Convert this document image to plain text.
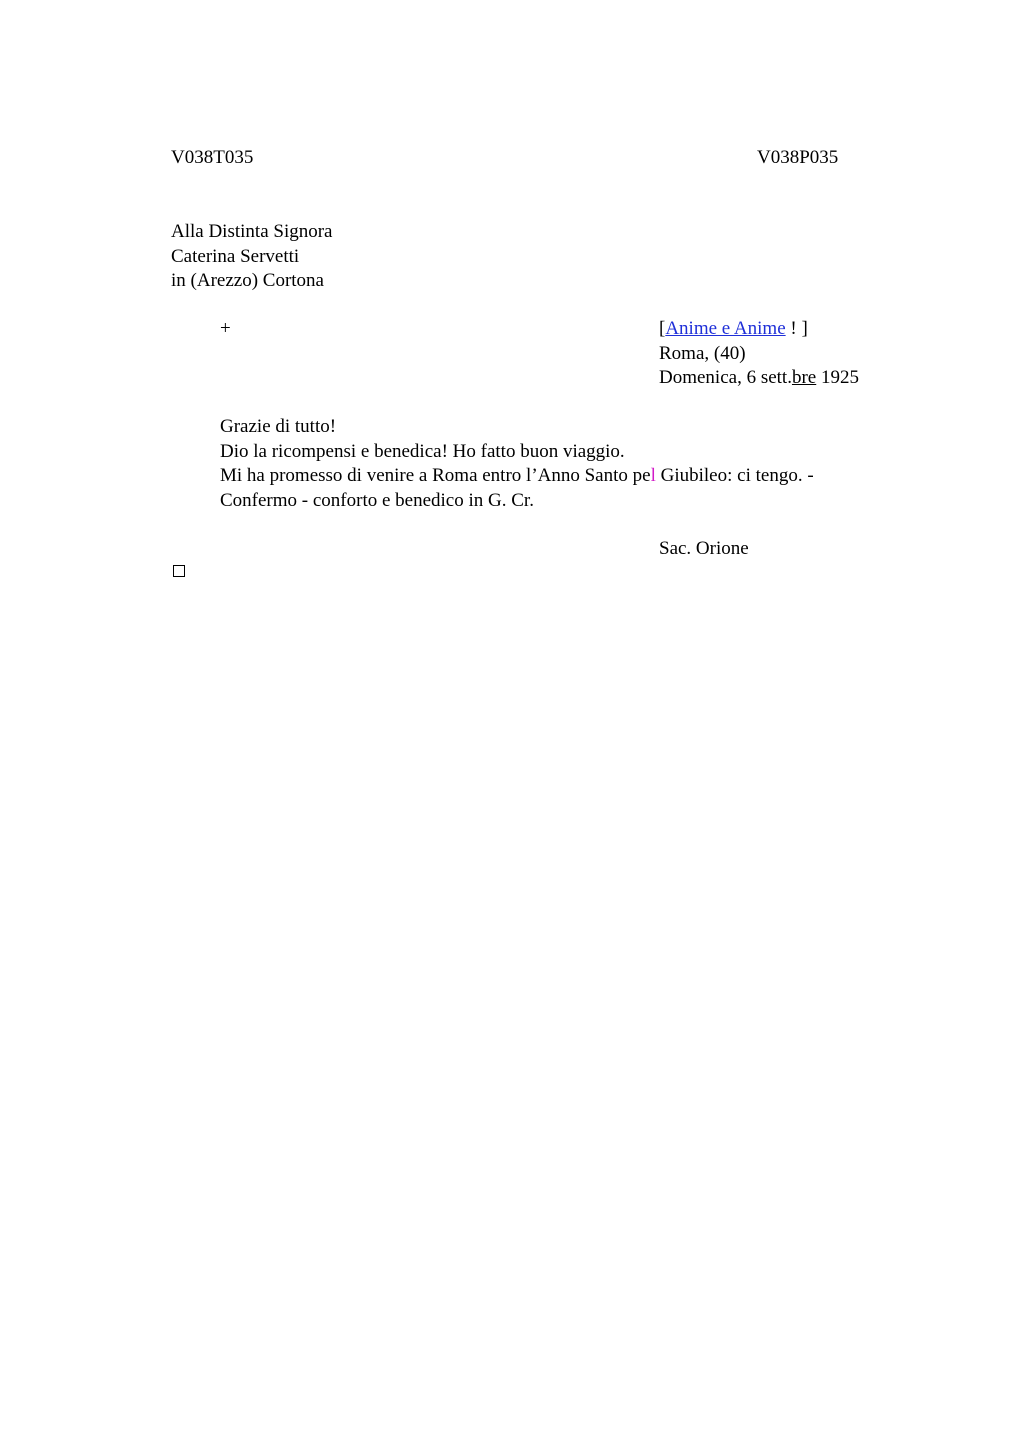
V038T035	V038P035
Alla Distinta Signora
Caterina Servetti
in (Arezzo) Cortona
+	[Anime e Anime ! ]
Roma, (40)
Domenica, 6 sett.bre 1925
Grazie di tutto!
Dio la ricompensi e benedica! Ho fatto buon viaggio.
Mi ha promesso di venire a Roma entro l’Anno Santo pel Giubileo: ci tengo. -
Confermo - conforto e benedico in G. Cr.
Sac. Orione
